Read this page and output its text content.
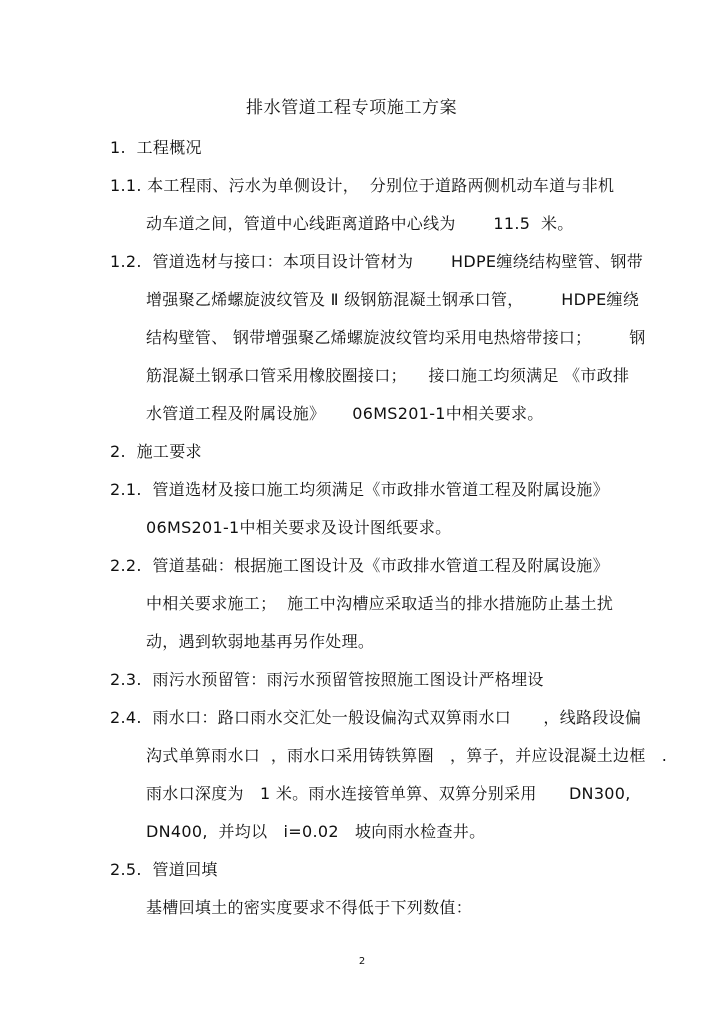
排水管道工程专项施工方案
1.  工程概况
1.1. 本工程雨、污水为单侧设计，  分别位于道路两侧机动车道与非机
动车道之间，管道中心线距离道路中心线为       11.5  米。
1.2.  管道选材与接口：本项目设计管材为       HDPE缠绕结构壁管、钢带
增强聚乙烯螺旋波纹管及 Ⅱ 级钢筋混凝土钢承口管，       HDPE缠绕
结构壁管、 钢带增强聚乙烯螺旋波纹管均采用电热熔带接口；       钢
筋混凝土钢承口管采用橡胶圈接口；    接口施工均须满足 《市政排
水管道工程及附属设施》     06MS201-1中相关要求。
2.  施工要求
2.1.  管道选材及接口施工均须满足《市政排水管道工程及附属设施》
06MS201-1中相关要求及设计图纸要求。
2.2.  管道基础：根据施工图设计及《市政排水管道工程及附属设施》
中相关要求施工；  施工中沟槽应采取适当的排水措施防止基土扰
动，遇到软弱地基再另作处理。
2.3.  雨污水预留管：雨污水预留管按照施工图设计严格埋设
2.4.  雨水口：路口雨水交汇处一般设偏沟式双箅雨水口      ，线路段设偏
沟式单箅雨水口  ，雨水口采用铸铁箅圈   ，箅子，并应设混凝土边框   .
雨水口深度为   1 米。雨水连接管单箅、双箅分别采用      DN300,
DN400,  并均以   i=0.02   坡向雨水检查井。
2.5.  管道回填
基槽回填土的密实度要求不得低于下列数值：
2
